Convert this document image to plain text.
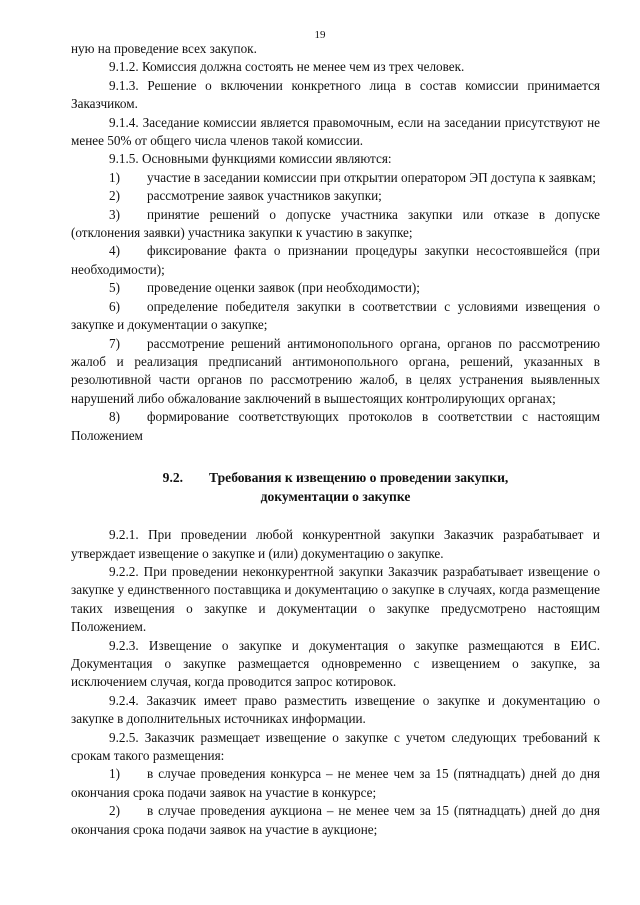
19

ную на проведение всех закупок.

9.1.2. Комиссия должна состоять не менее чем из трех человек.

9.1.3. Решение о включении конкретного лица в состав комиссии принимается Заказчиком.

9.1.4. Заседание комиссии является правомочным, если на заседании присутствуют не менее 50% от общего числа членов такой комиссии.

9.1.5. Основными функциями комиссии являются:

1) участие в заседании комиссии при открытии оператором ЭП доступа к заявкам;

2) рассмотрение заявок участников закупки;

3) принятие решений о допуске участника закупки или отказе в допуске (отклонения заявки) участника закупки к участию в закупке;

4) фиксирование факта о признании процедуры закупки несостоявшейся (при необходимости);

5) проведение оценки заявок (при необходимости);

6) определение победителя закупки в соответствии с условиями извещения о закупке и документации о закупке;

7) рассмотрение решений антимонопольного органа, органов по рассмотрению жалоб и реализация предписаний антимонопольного органа, решений, указанных в резолютивной части органов по рассмотрению жалоб, в целях устранения выявленных нарушений либо обжалование заключений в вышестоящих контролирующих органах;

8) формирование соответствующих протоколов в соответствии с настоящим Положением

9.2. Требования к извещению о проведении закупки,
документации о закупке

9.2.1. При проведении любой конкурентной закупки Заказчик разрабатывает и утверждает извещение о закупке и (или) документацию о закупке.

9.2.2. При проведении неконкурентной закупки Заказчик разрабатывает извещение о закупке у единственного поставщика и документацию о закупке в случаях, когда размещение таких извещения о закупке и документации о закупке предусмотрено настоящим Положением.

9.2.3. Извещение о закупке и документация о закупке размещаются в ЕИС. Документация о закупке размещается одновременно с извещением о закупке, за исключением случая, когда проводится запрос котировок.

9.2.4. Заказчик имеет право разместить извещение о закупке и документацию о закупке в дополнительных источниках информации.

9.2.5. Заказчик размещает извещение о закупке с учетом следующих требований к срокам такого размещения:

1) в случае проведения конкурса – не менее чем за 15 (пятнадцать) дней до дня окончания срока подачи заявок на участие в конкурсе;

2) в случае проведения аукциона – не менее чем за 15 (пятнадцать) дней до дня окончания срока подачи заявок на участие в аукционе;
